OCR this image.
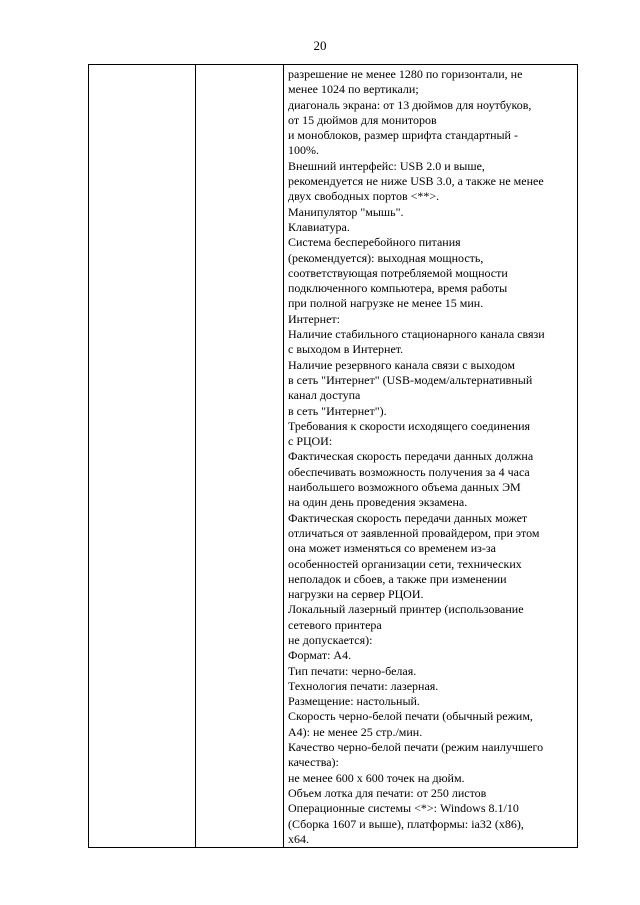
20

разрешение не менее 1280 по горизонтали, не
менее 1024 по вертикали;
диагональ экрана: от 13 дюймов для ноутбуков,
от 15 дюймов для мониторов
и моноблоков, размер шрифта стандартный -
100%.
Внешний интерфейс: USB 2.0 и выше,
рекомендуется не ниже USB 3.0, а также не менее
двух свободных портов <**>.
Манипулятор "мышь".
Клавиатура.
Система бесперебойного питания
(рекомендуется): выходная мощность,
соответствующая потребляемой мощности
подключенного компьютера, время работы
при полной нагрузке не менее 15 мин.
Интернет:
Наличие стабильного стационарного канала связи
с выходом в Интернет.
Наличие резервного канала связи с выходом
в сеть "Интернет" (USB-модем/альтернативный
канал доступа
в сеть "Интернет").
Требования к скорости исходящего соединения
с РЦОИ:
Фактическая скорость передачи данных должна
обеспечивать возможность получения за 4 часа
наибольшего возможного объема данных ЭМ
на один день проведения экзамена.
Фактическая скорость передачи данных может
отличаться от заявленной провайдером, при этом
она может изменяться со временем из-за
особенностей организации сети, технических
неполадок и сбоев, а также при изменении
нагрузки на сервер РЦОИ.
Локальный лазерный принтер (использование
сетевого принтера
не допускается):
Формат: А4.
Тип печати: черно-белая.
Технология печати: лазерная.
Размещение: настольный.
Скорость черно-белой печати (обычный режим,
А4): не менее 25 стр./мин.
Качество черно-белой печати (режим наилучшего
качества):
не менее 600 x 600 точек на дюйм.
Объем лотка для печати: от 250 листов
Операционные системы <*>: Windows 8.1/10
(Сборка 1607 и выше), платформы: ia32 (x86),
x64.
